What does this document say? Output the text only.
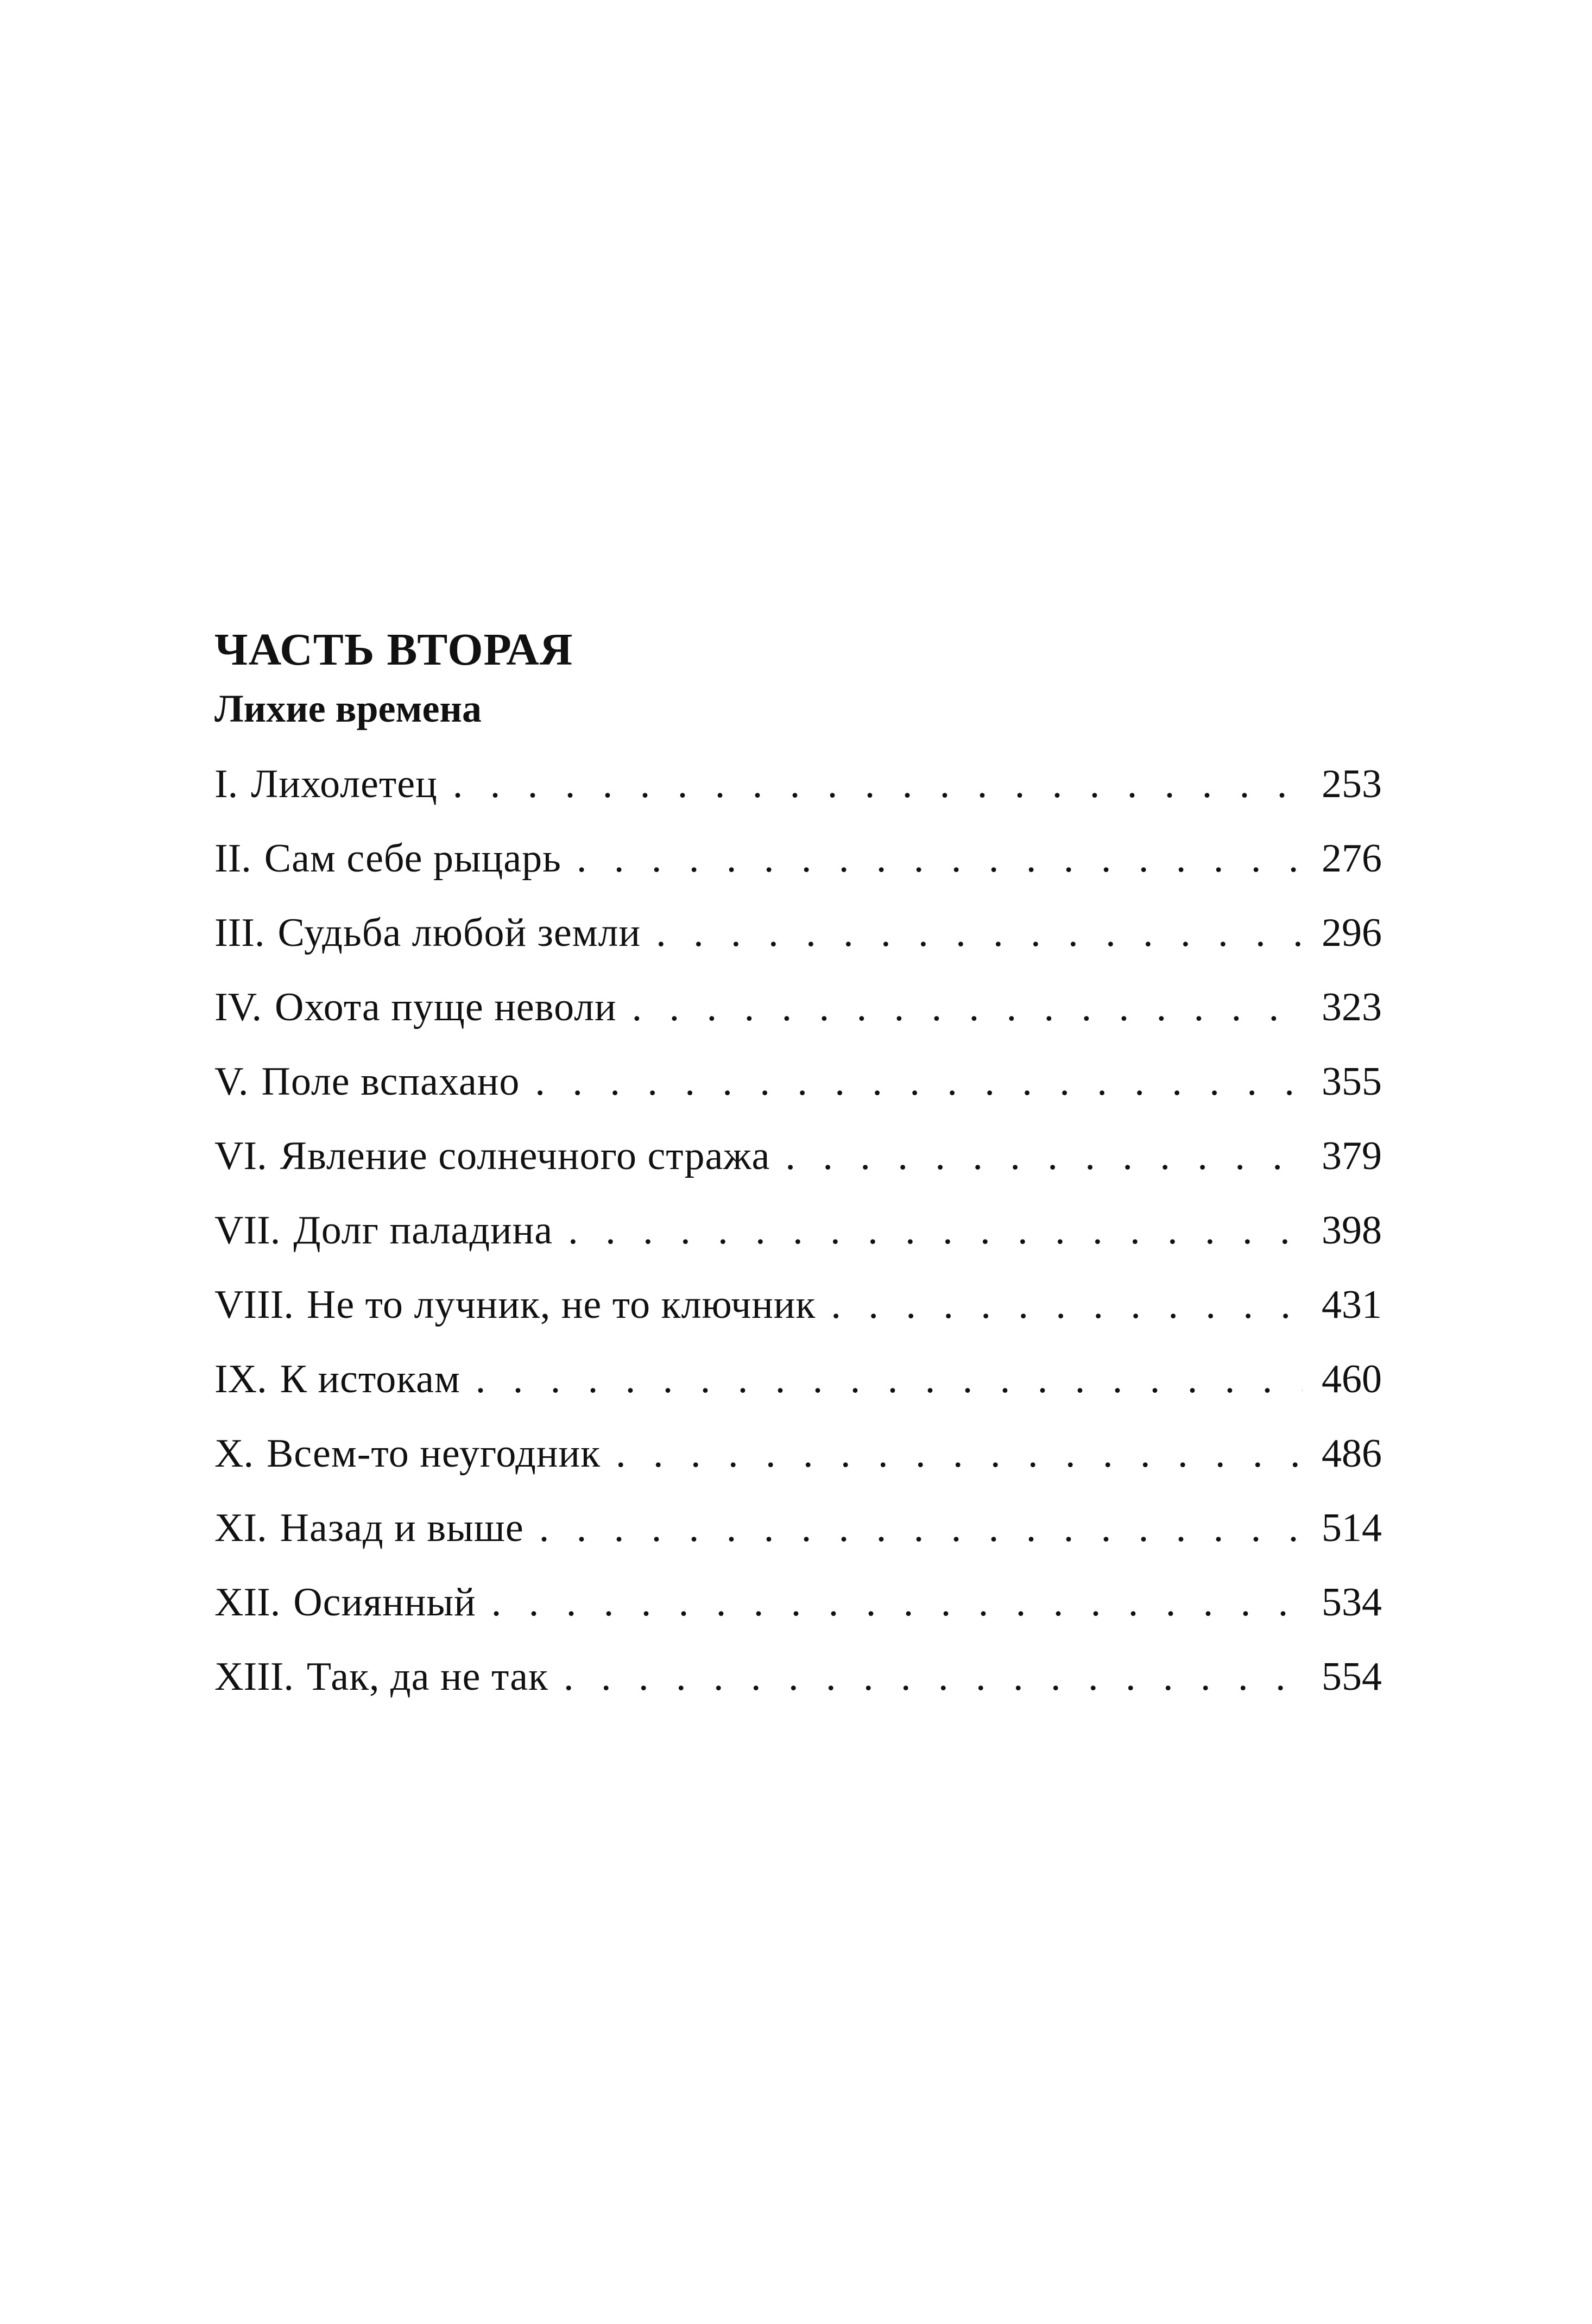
ЧАСТЬ ВТОРАЯ
Лихие времена
I. Лихолетец . . .	253
II. Сам себе рыцарь . . .	276
III. Судьба любой земли . . .	296
IV. Охота пуще неволи . . .	323
V. Поле вспахано . . .	355
VI. Явление солнечного стража . . .	379
VII. Долг паладина . . .	398
VIII. Не то лучник, не то ключник . . .	431
IX. К истокам . . .	460
X. Всем-то неугодник . . .	486
XI. Назад и выше . . .	514
XII. Осиянный . . .	534
XIII. Так, да не так . . .	554
